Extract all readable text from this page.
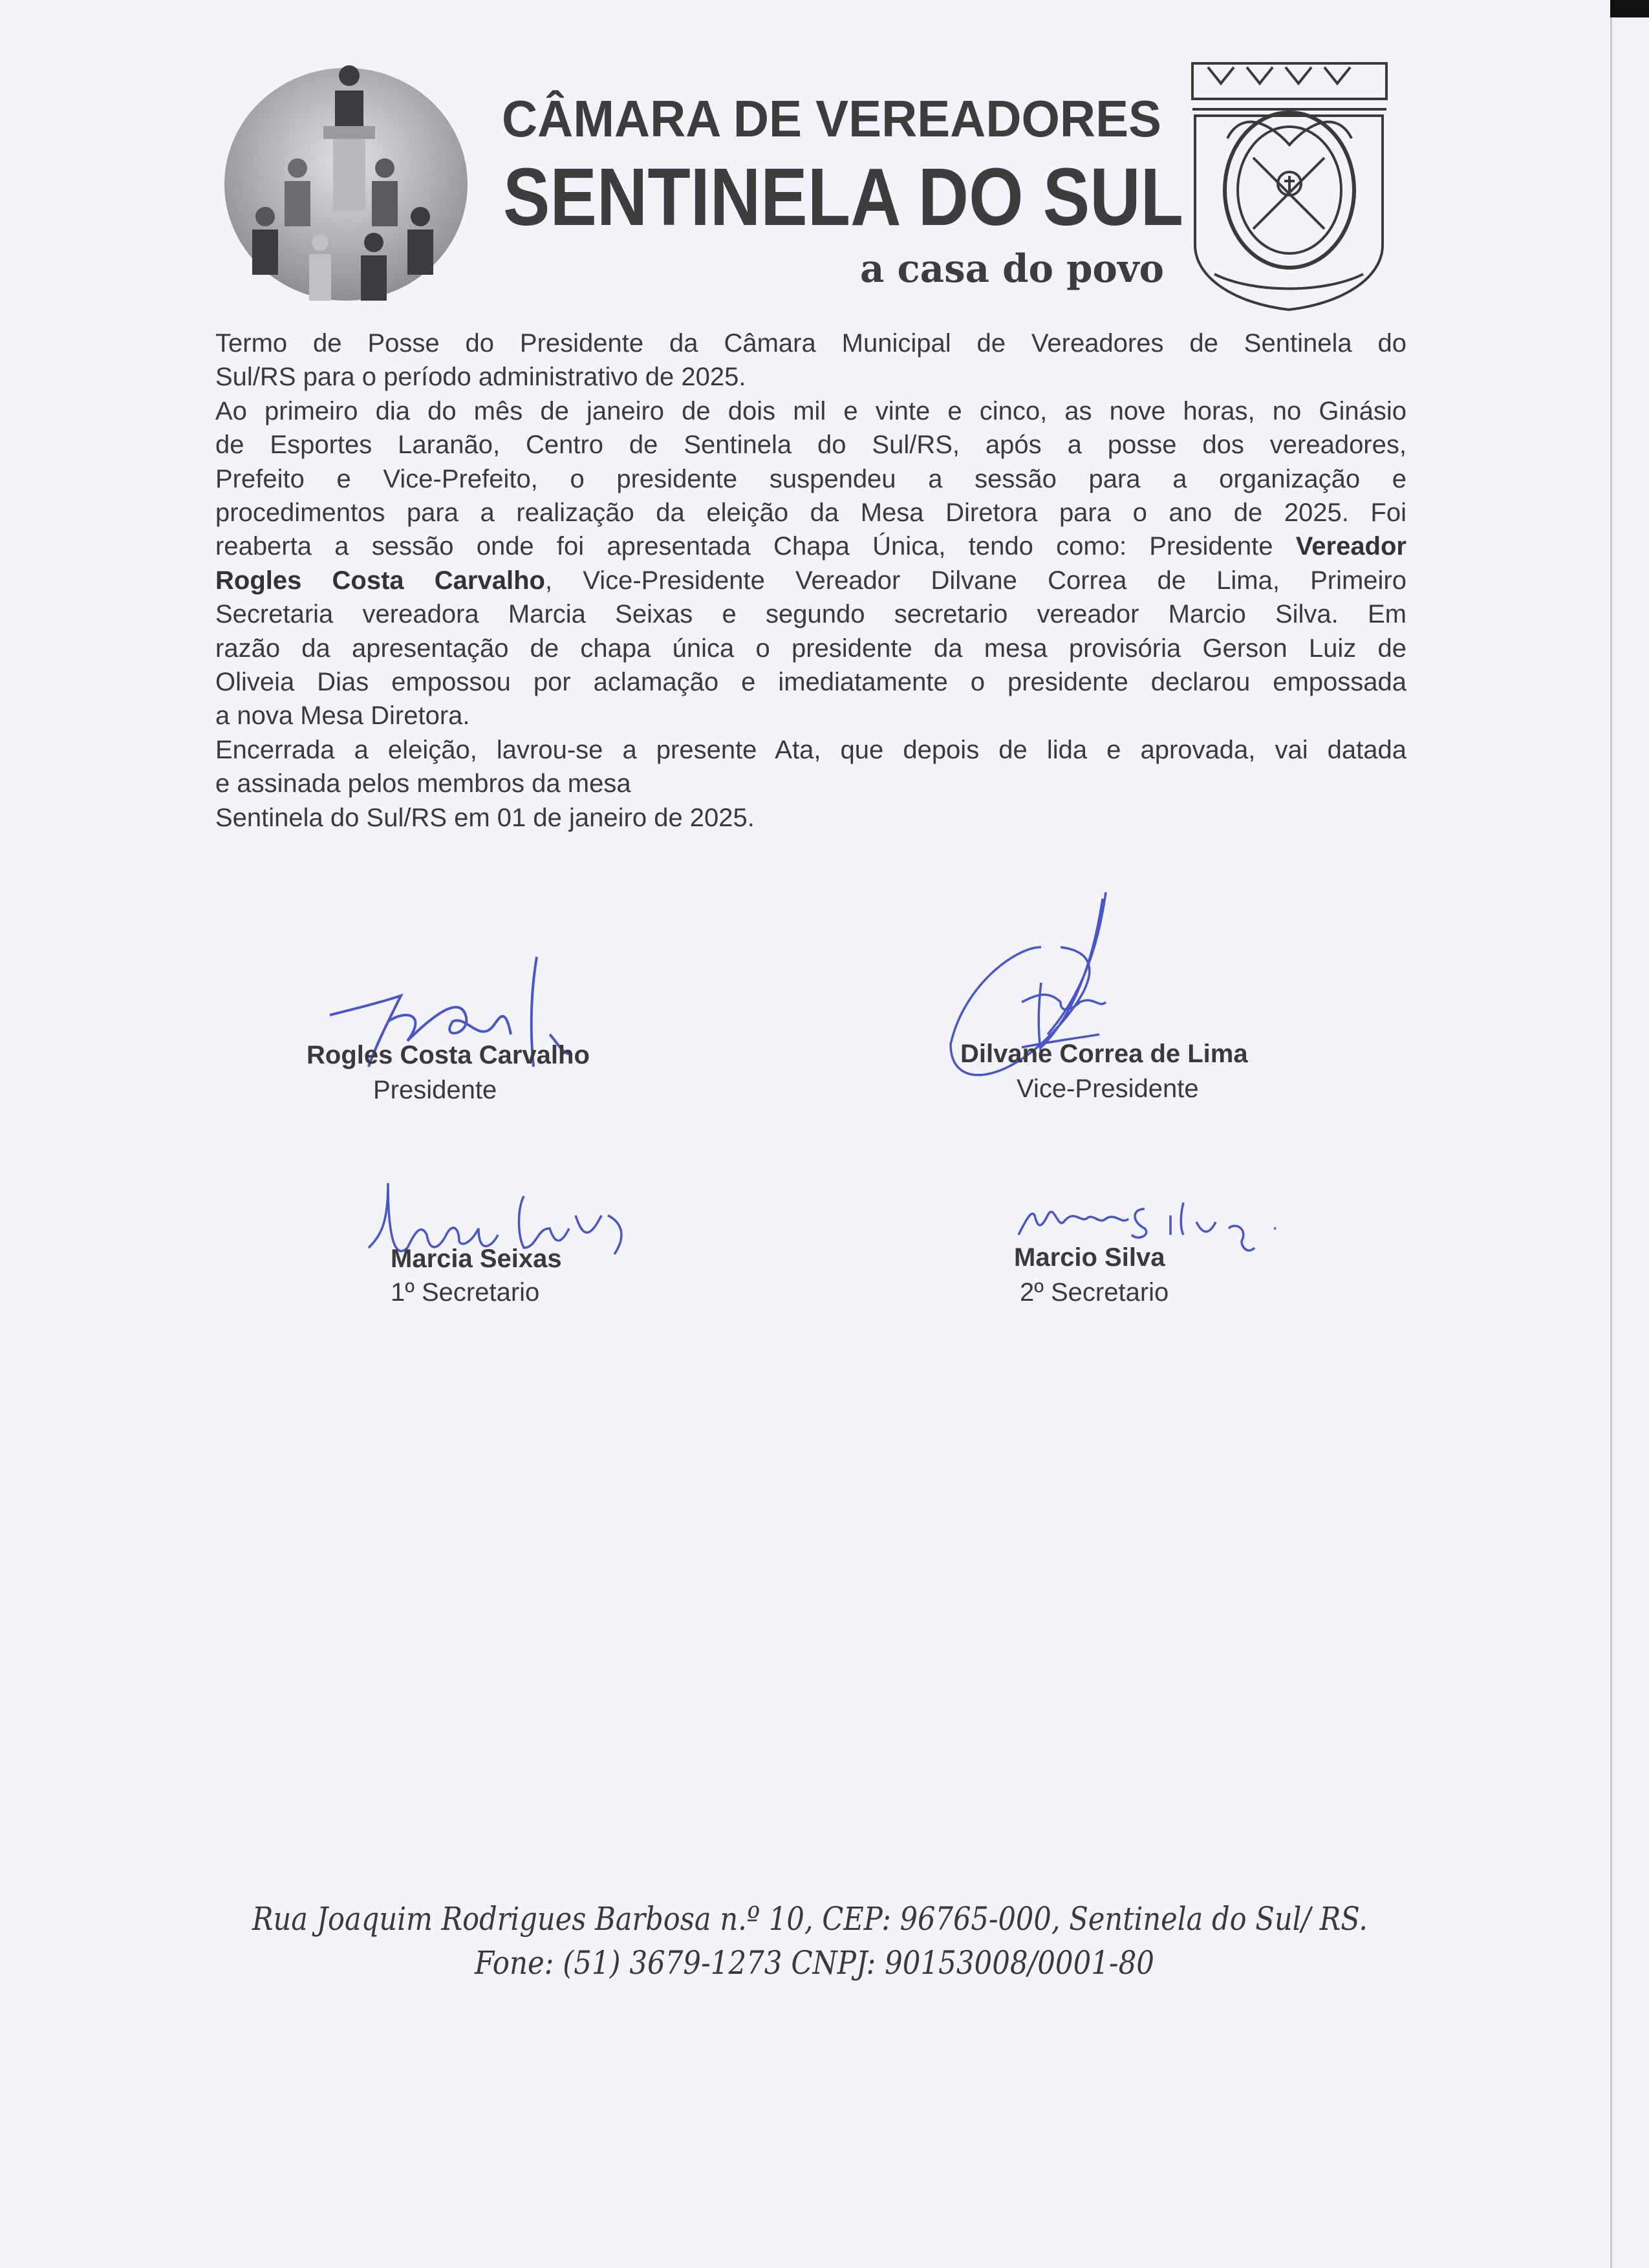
CÂMARA DE VEREADORES
SENTINELA DO SUL
a casa do povo
Termo de Posse do Presidente da Câmara Municipal de Vereadores de Sentinela do
Sul/RS para o período administrativo de 2025.
Ao primeiro dia do mês de janeiro de dois mil e vinte e cinco, as nove horas, no Ginásio
de Esportes Laranão, Centro de Sentinela do Sul/RS, após a posse dos vereadores,
Prefeito e Vice-Prefeito, o presidente suspendeu a sessão para a organização e
procedimentos para a realização da eleição da Mesa Diretora para o ano de 2025. Foi
reaberta a sessão onde foi apresentada Chapa Única, tendo como: Presidente Vereador
Rogles Costa Carvalho, Vice-Presidente Vereador Dilvane Correa de Lima, Primeiro
Secretaria vereadora Marcia Seixas e segundo secretario vereador Marcio Silva. Em
razão da apresentação de chapa única o presidente da mesa provisória Gerson Luiz de
Oliveia Dias empossou por aclamação e imediatamente o presidente declarou empossada
a nova Mesa Diretora.
Encerrada a eleição, lavrou-se a presente Ata, que depois de lida e aprovada, vai datada
e assinada pelos membros da mesa
Sentinela do Sul/RS em 01 de janeiro de 2025.
Rogles Costa Carvalho
Presidente
Dilvane Correa de Lima
Vice-Presidente
Marcia Seixas
1º Secretario
Marcio Silva
2º Secretario
Rua Joaquim Rodrigues Barbosa n.º 10, CEP: 96765-000, Sentinela do Sul/ RS.
Fone: (51) 3679-1273 CNPJ: 90153008/0001-80
